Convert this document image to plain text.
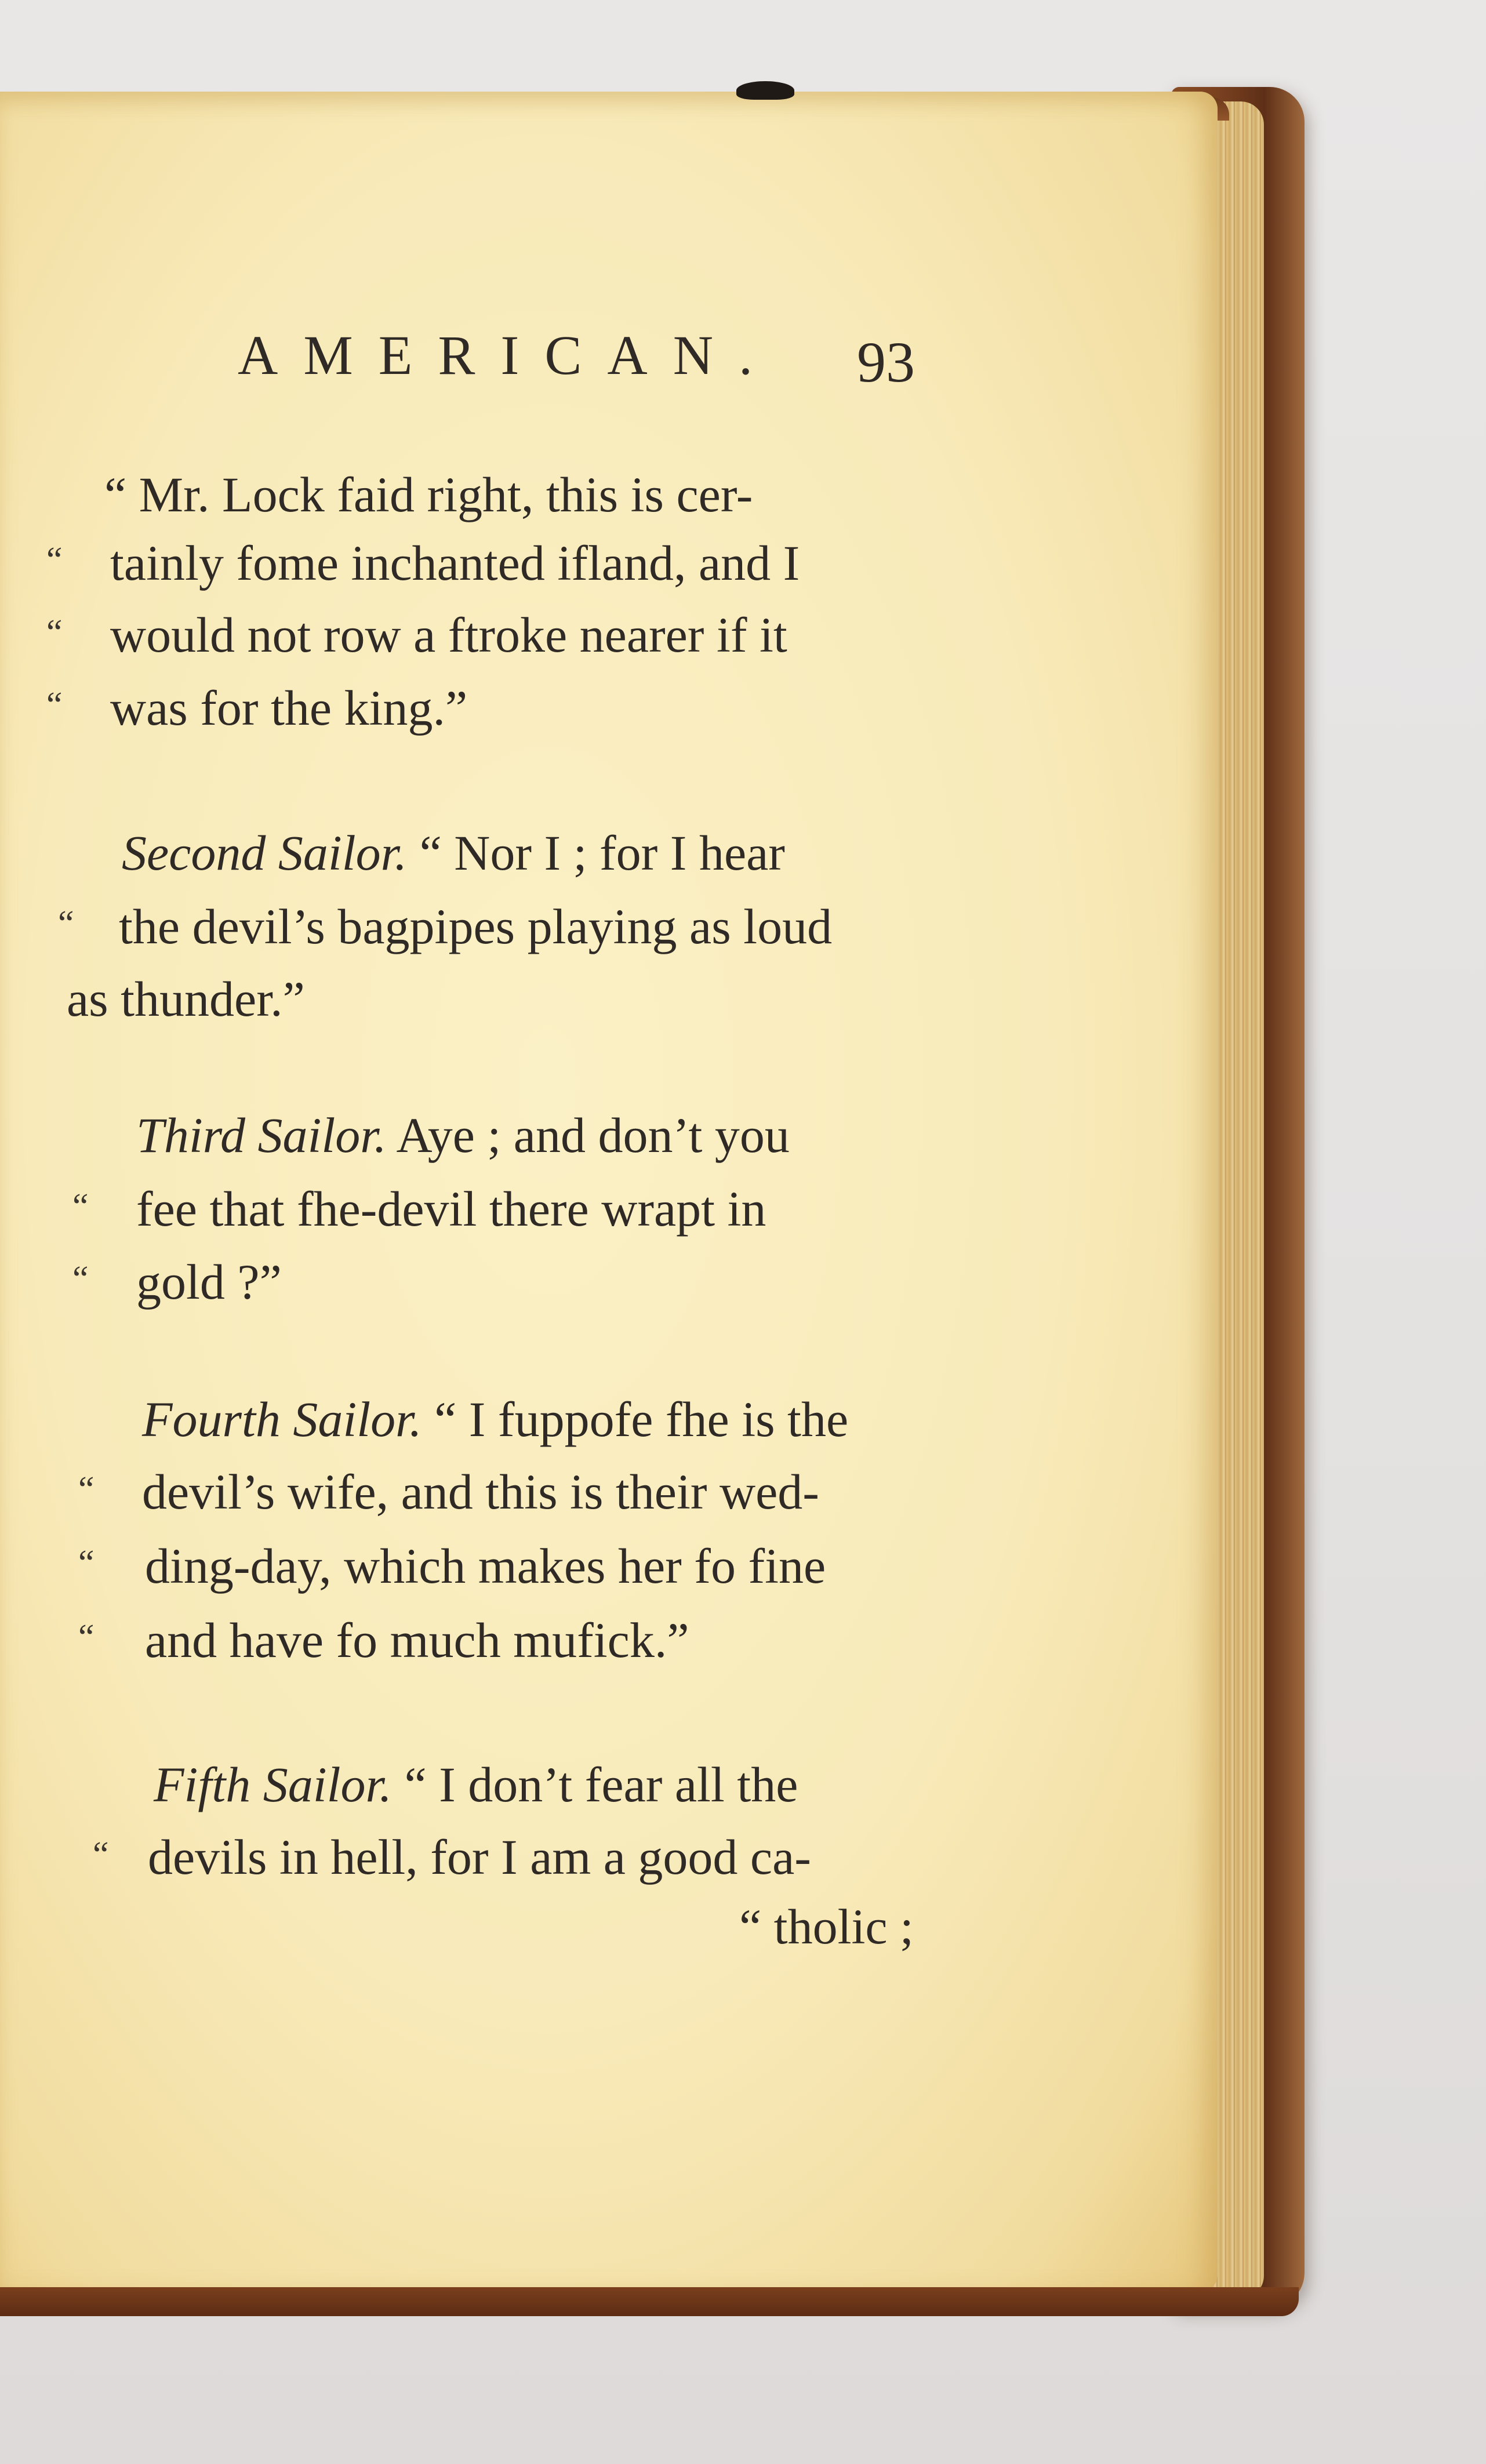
AMERICAN. 93
“ Mr. Lock faid right, this is cer-
“ tainly fome inchanted ifland, and I
“ would not row a ftroke nearer if it
“ was for the king.”
Second Sailor. “ Nor I ; for I hear
“ the devil’s bagpipes playing as loud
as thunder.”
Third Sailor. Aye ; and don’t you
“ fee that fhe-devil there wrapt in
“ gold ?”
Fourth Sailor. “ I fuppofe fhe is the
“ devil’s wife, and this is their wed-
“ ding-day, which makes her fo fine
“ and have fo much mufick.”
Fifth Sailor. “ I don’t fear all the
“ devils in hell, for I am a good ca-
“ tholic ;
